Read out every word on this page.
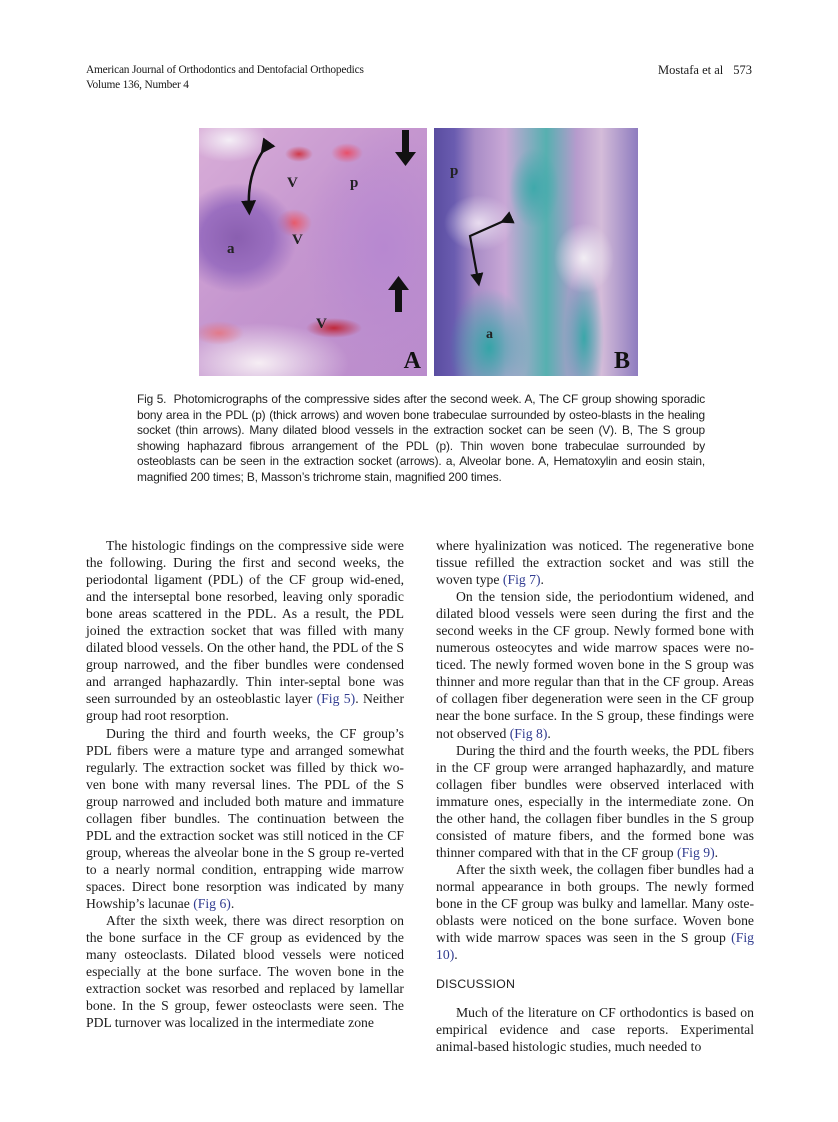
American Journal of Orthodontics and Dentofacial Orthopedics
Volume 136, Number 4
Mostafa et al 573
V	p
a
V
V
A
p
a
B
Fig 5. Photomicrographs of the compressive sides after the second week. A, The CF group showing sporadic bony area in the PDL (p) (thick arrows) and woven bone trabeculae surrounded by osteo-blasts in the healing socket (thin arrows). Many dilated blood vessels in the extraction socket can be seen (V). B, The S group showing haphazard fibrous arrangement of the PDL (p). Thin woven bone trabeculae surrounded by osteoblasts can be seen in the extraction socket (arrows). a, Alveolar bone. A, Hematoxylin and eosin stain, magnified 200 times; B, Masson’s trichrome stain, magnified 200 times.

The histologic findings on the compressive side were the following. During the first and second weeks, the periodontal ligament (PDL) of the CF group wid-ened, and the interseptal bone resorbed, leaving only sporadic bone areas scattered in the PDL. As a result, the PDL joined the extraction socket that was filled with many dilated blood vessels. On the other hand, the PDL of the S group narrowed, and the fiber bundles were condensed and arranged haphazardly. Thin inter-septal bone was seen surrounded by an osteoblastic layer (Fig 5). Neither group had root resorption.

During the third and fourth weeks, the CF group’s PDL fibers were a mature type and arranged somewhat regularly. The extraction socket was filled by thick wo-ven bone with many reversal lines. The PDL of the S group narrowed and included both mature and immature collagen fiber bundles. The continuation between the PDL and the extraction socket was still noticed in the CF group, whereas the alveolar bone in the S group re-verted to a nearly normal condition, entrapping wide marrow spaces. Direct bone resorption was indicated by many Howship’s lacunae (Fig 6).

After the sixth week, there was direct resorption on the bone surface in the CF group as evidenced by the many osteoclasts. Dilated blood vessels were noticed especially at the bone surface. The woven bone in the extraction socket was resorbed and replaced by lamellar bone. In the S group, fewer osteoclasts were seen. The PDL turnover was localized in the intermediate zone

where hyalinization was noticed. The regenerative bone tissue refilled the extraction socket and was still the woven type (Fig 7).

On the tension side, the periodontium widened, and dilated blood vessels were seen during the first and the second weeks in the CF group. Newly formed bone with numerous osteocytes and wide marrow spaces were no-ticed. The newly formed woven bone in the S group was thinner and more regular than that in the CF group. Areas of collagen fiber degeneration were seen in the CF group near the bone surface. In the S group, these findings were not observed (Fig 8).

During the third and the fourth weeks, the PDL fibers in the CF group were arranged haphazardly, and mature collagen fiber bundles were observed interlaced with immature ones, especially in the intermediate zone. On the other hand, the collagen fiber bundles in the S group consisted of mature fibers, and the formed bone was thinner compared with that in the CF group (Fig 9).

After the sixth week, the collagen fiber bundles had a normal appearance in both groups. The newly formed bone in the CF group was bulky and lamellar. Many oste-oblasts were noticed on the bone surface. Woven bone with wide marrow spaces was seen in the S group (Fig 10).

DISCUSSION

Much of the literature on CF orthodontics is based on empirical evidence and case reports. Experimental animal-based histologic studies, much needed to
